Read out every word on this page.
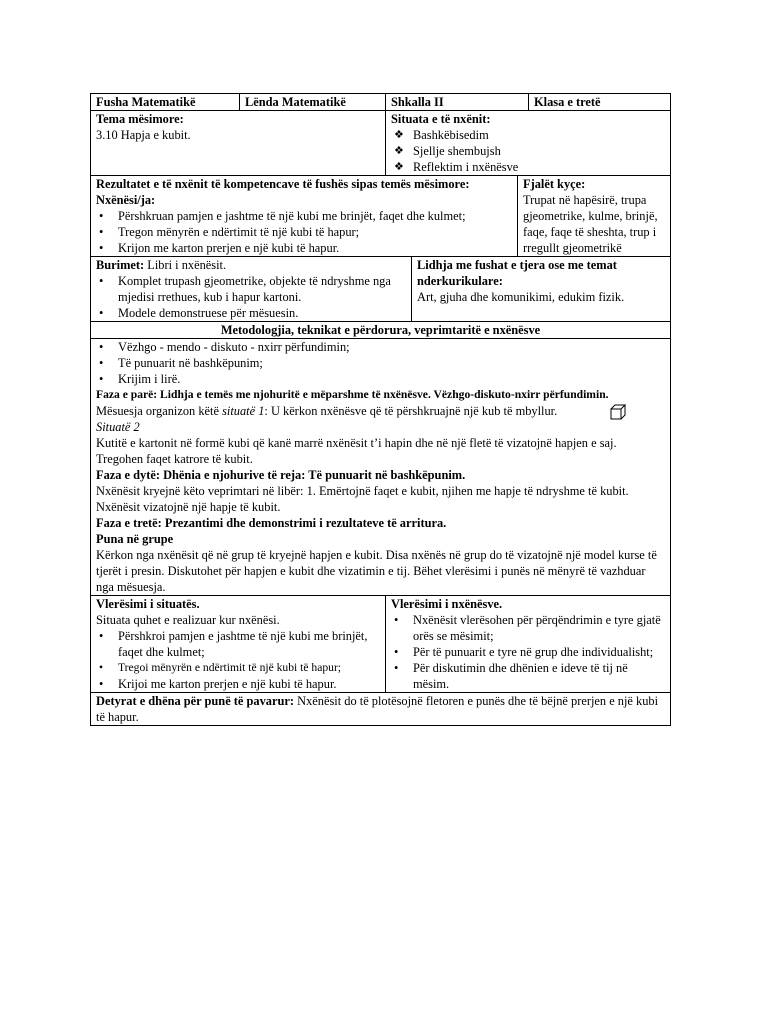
Fusha Matematikë	Lënda Matematikë	Shkalla II	Klasa e tretë
Tema mësimore:
3.10 Hapja e kubit.
Situata e të nxënit:
❖ Bashkëbisedim
❖ Sjellje shembujsh
❖ Reflektim i nxënësve
Rezultatet e të nxënit të kompetencave të fushës sipas temës mësimore:
Nxënësi/ja:
• Përshkruan pamjen e jashtme të një kubi me brinjët, faqet dhe kulmet;
• Tregon mënyrën e ndërtimit të një kubi të hapur;
• Krijon me karton prerjen e një kubi të hapur.
Fjalët kyçe:
Trupat në hapësirë, trupa gjeometrike, kulme, brinjë, faqe, faqe të sheshta, trup i rregullt gjeometrikë
Burimet: Libri i nxënësit.
• Komplet trupash gjeometrike, objekte të ndryshme nga mjedisi rrethues, kub i hapur kartoni.
• Modele demonstruese për mësuesin.
Lidhja me fushat e tjera ose me temat nderkurikulare:
Art, gjuha dhe komunikimi, edukim fizik.
Metodologjia, teknikat e përdorura, veprimtaritë e nxënësve
• Vëzhgo - mendo - diskuto - nxirr përfundimin;
• Të punuarit në bashkëpunim;
• Krijim i lirë.
Faza e parë: Lidhja e temës me njohuritë e mëparshme të nxënësve. Vëzhgo-diskuto-nxirr përfundimin.
Mësuesja organizon këtë situatë 1: U kërkon nxënësve që të përshkruajnë një kub të mbyllur.
Situatë 2
Kutitë e kartonit në formë kubi që kanë marrë nxënësit t’i hapin dhe në një fletë të vizatojnë hapjen e saj. Tregohen faqet katrore të kubit.
Faza e dytë: Dhënia e njohurive të reja: Të punuarit në bashkëpunim.
Nxënësit kryejnë këto veprimtari në libër: 1. Emërtojnë faqet e kubit, njihen me hapje të ndryshme të kubit. Nxënësit vizatojnë një hapje të kubit.
Faza e tretë: Prezantimi dhe demonstrimi i rezultateve të arritura.
Puna në grupe
Kërkon nga nxënësit që në grup të kryejnë hapjen e kubit. Disa nxënës në grup do të vizatojnë një model kurse të tjerët i presin. Diskutohet për hapjen e kubit dhe vizatimin e tij. Bëhet vlerësimi i punës në mënyrë të vazhduar nga mësuesja.
Vlerësimi i situatës.
Situata quhet e realizuar kur nxënësi.
• Përshkroi pamjen e jashtme të një kubi me brinjët, faqet dhe kulmet;
• Tregoi mënyrën e ndërtimit të një kubi të hapur;
• Krijoi me karton prerjen e një kubi të hapur.
Vlerësimi i nxënësve.
• Nxënësit vlerësohen për përqëndrimin e tyre gjatë orës se mësimit;
• Për të punuarit e tyre në grup dhe individualisht;
• Për diskutimin dhe dhënien e ideve të tij në mësim.
Detyrat e dhëna për punë të pavarur: Nxënësit do të plotësojnë fletoren e punës dhe të bëjnë prerjen e një kubi të hapur.
